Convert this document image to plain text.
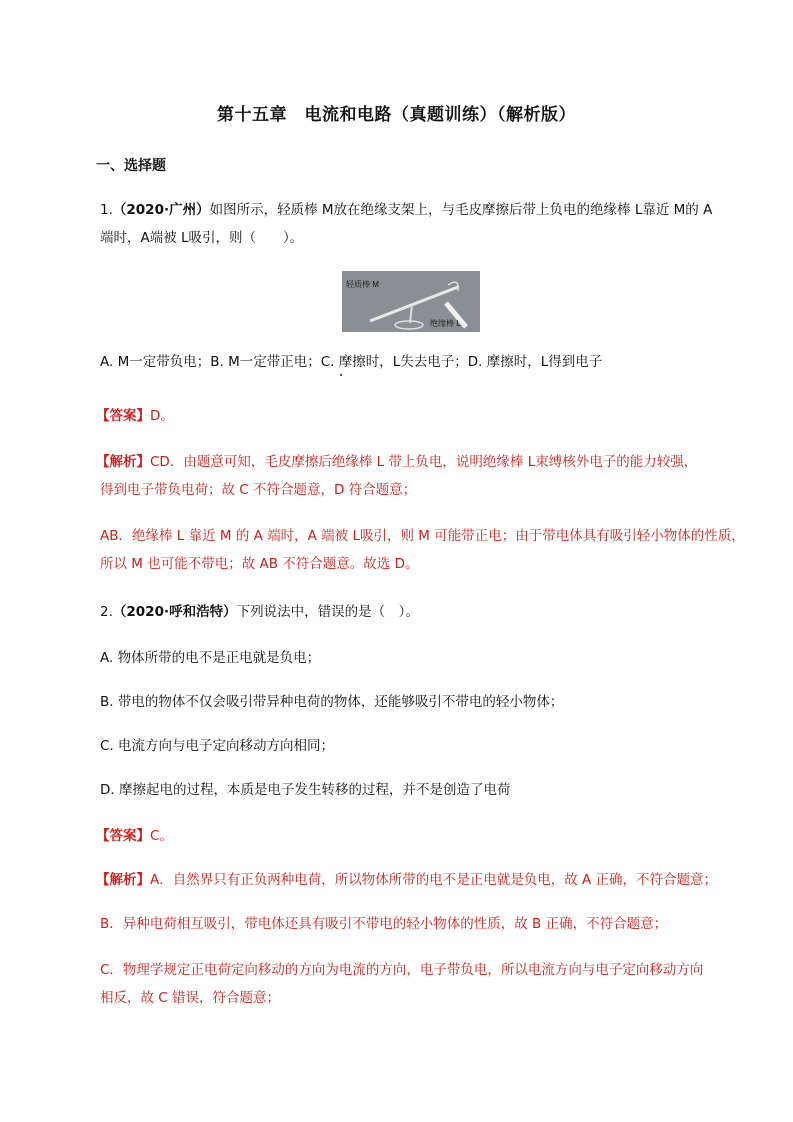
第十五章　电流和电路（真题训练）（解析版）
一、选择题
1.（2020·广州）如图所示，轻质棒 M放在绝缘支架上，与毛皮摩擦后带上负电的绝缘棒 L靠近 M的 A
端时，A端被 L吸引，则（　　）。
轻质棒 M
绝缘棒 L
A. M一定带负电；B. M一定带正电；C. 摩擦时，L失去电子；D. 摩擦时，L得到电子
【答案】D。
【解析】CD．由题意可知，毛皮摩擦后绝缘棒 L 带上负电，说明绝缘棒 L束缚核外电子的能力较强，
得到电子带负电荷；故 C 不符合题意，D 符合题意；
AB．绝缘棒 L 靠近 M 的 A 端时，A 端被 L吸引，则 M 可能带正电；由于带电体具有吸引轻小物体的性质，
所以 M 也可能不带电；故 AB 不符合题意。故选 D。
2.（2020·呼和浩特）下列说法中，错误的是（　）。
A. 物体所带的电不是正电就是负电；
B. 带电的物体不仅会吸引带异种电荷的物体，还能够吸引不带电的轻小物体；
C. 电流方向与电子定向移动方向相同；
D. 摩擦起电的过程，本质是电子发生转移的过程，并不是创造了电荷
【答案】C。
【解析】A．自然界只有正负两种电荷，所以物体所带的电不是正电就是负电，故 A 正确，不符合题意；
B．异种电荷相互吸引，带电体还具有吸引不带电的轻小物体的性质，故 B 正确，不符合题意；
C．物理学规定正电荷定向移动的方向为电流的方向，电子带负电，所以电流方向与电子定向移动方向
相反，故 C 错误，符合题意；
